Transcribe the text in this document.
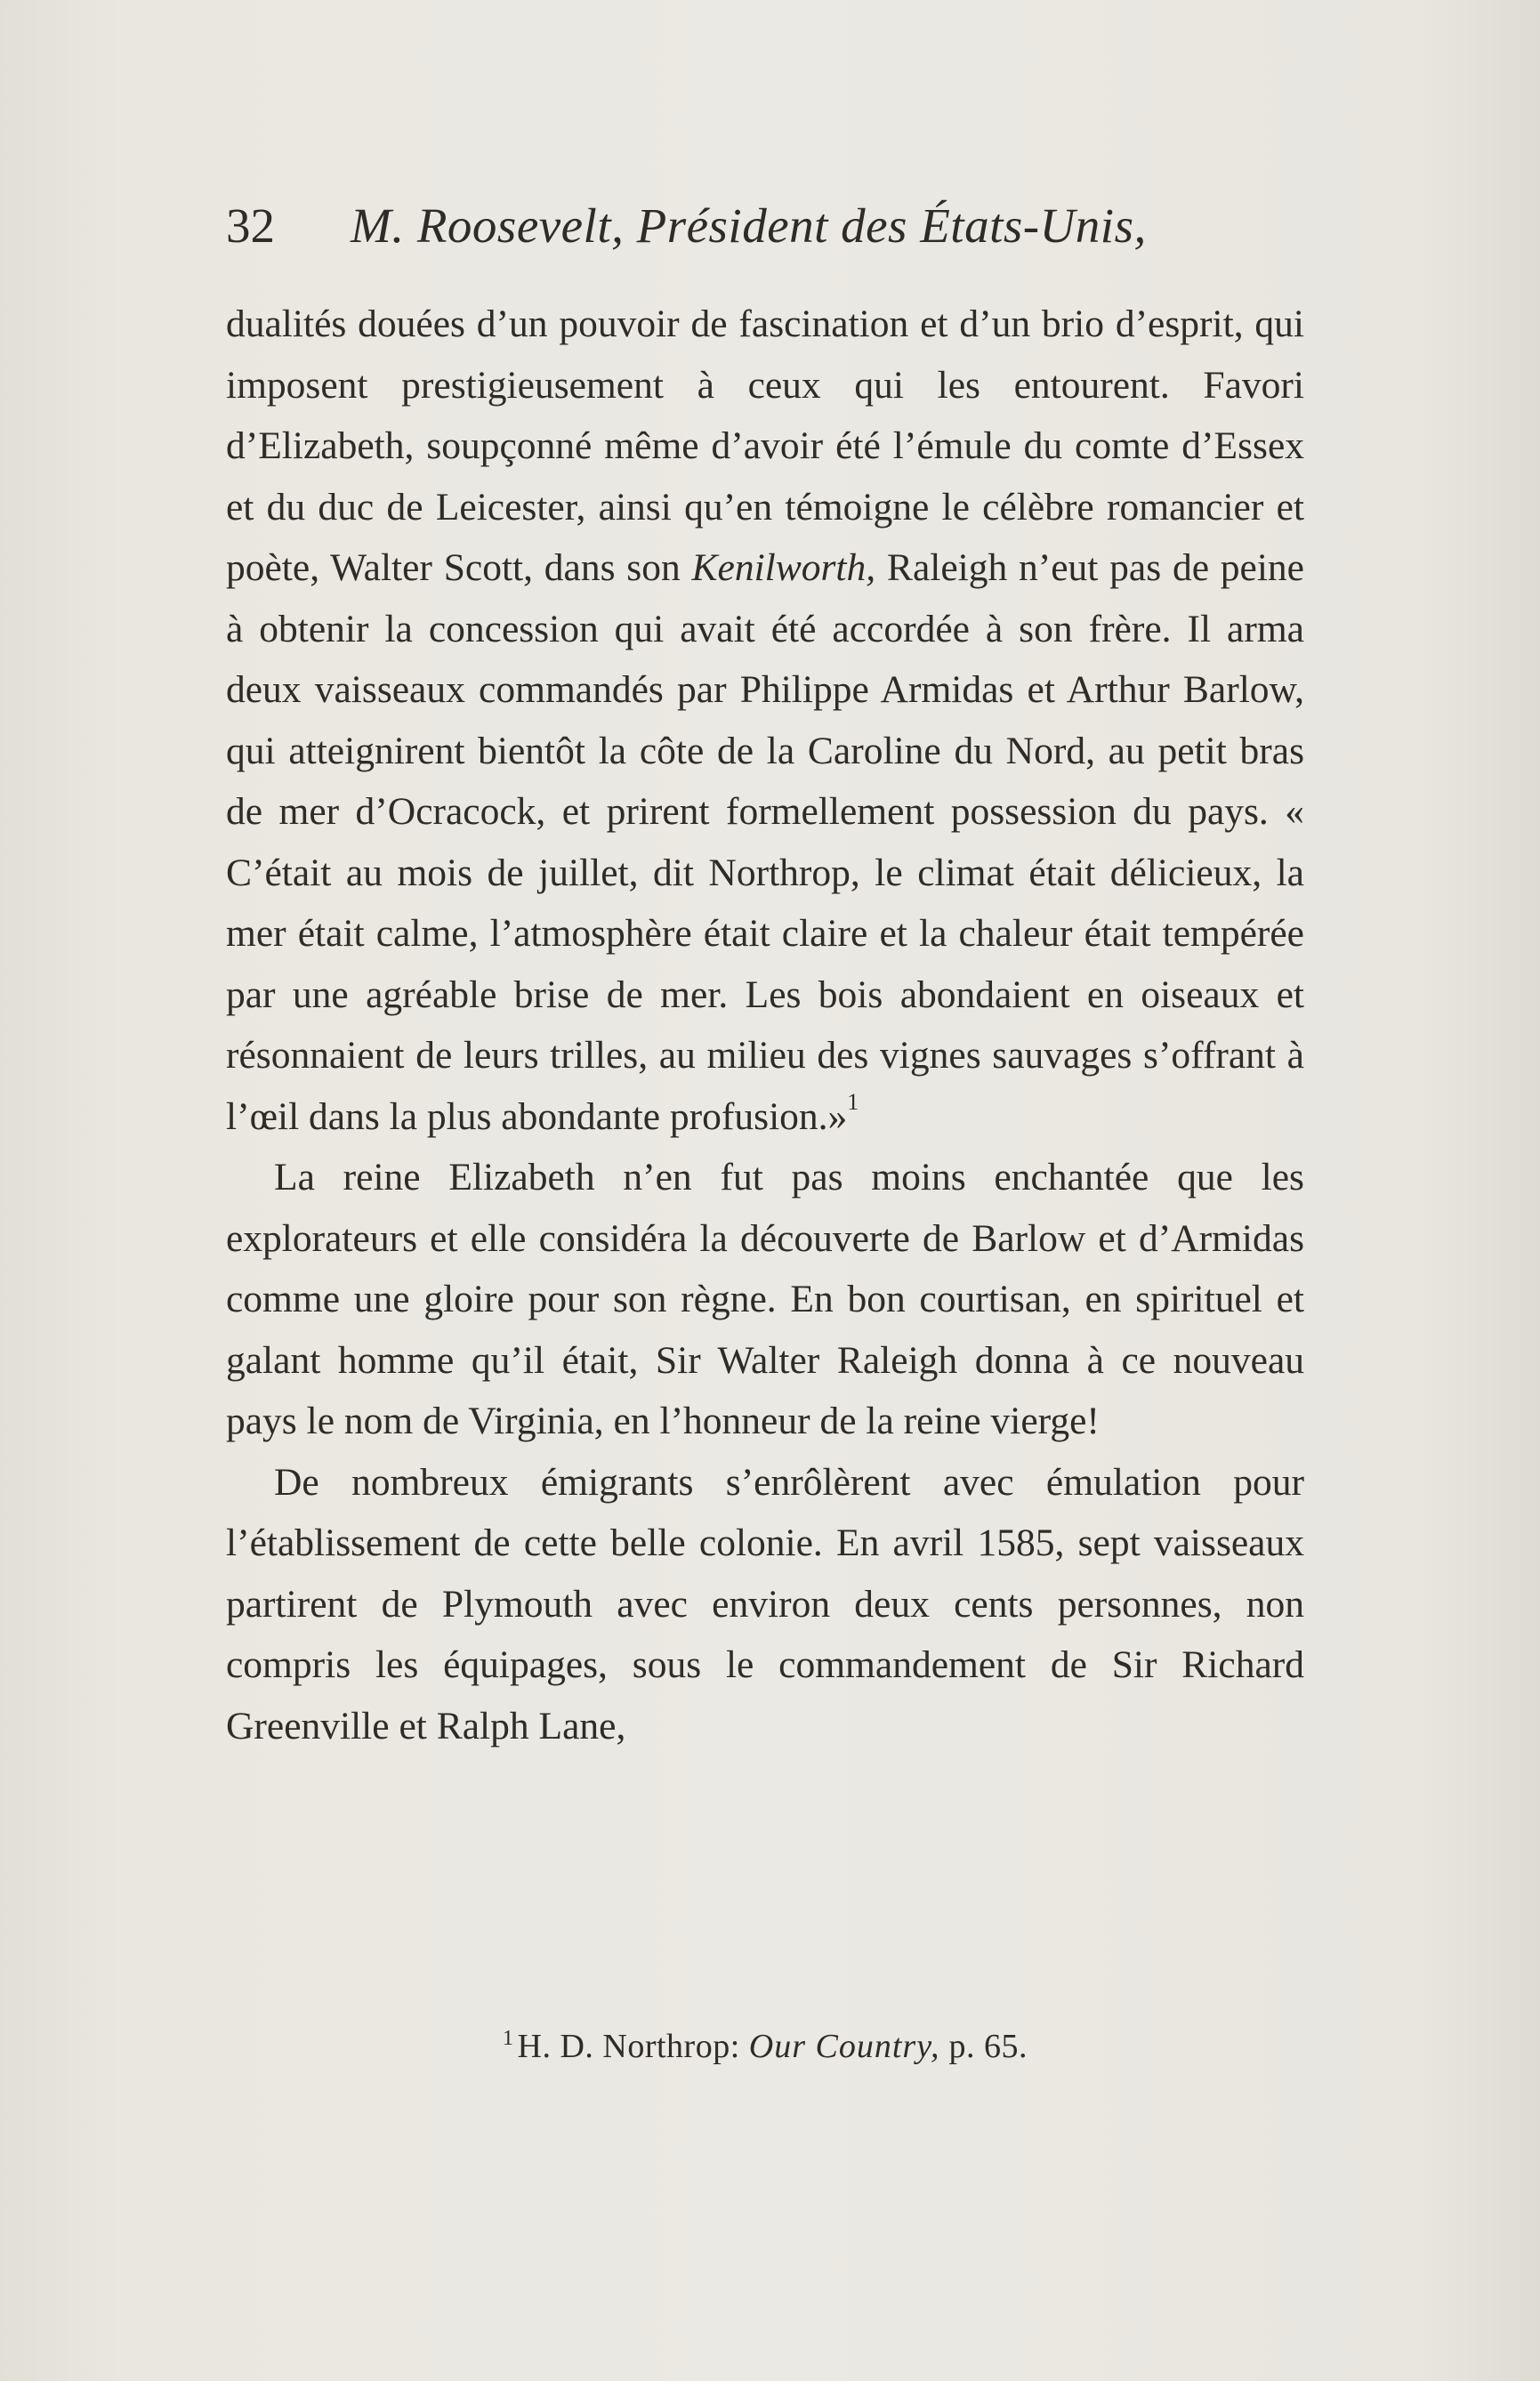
32 M. Roosevelt, Président des États-Unis,

dualités douées d’un pouvoir de fascination et d’un brio d’esprit, qui imposent prestigieusement à ceux qui les entourent. Favori d’Elizabeth, soupçonné même d’avoir été l’émule du comte d’Essex et du duc de Leicester, ainsi qu’en témoigne le célèbre romancier et poète, Walter Scott, dans son Kenilworth, Raleigh n’eut pas de peine à obtenir la concession qui avait été accordée à son frère. Il arma deux vaisseaux commandés par Philippe Armidas et Arthur Barlow, qui atteignirent bientôt la côte de la Caroline du Nord, au petit bras de mer d’Ocracock, et prirent formellement possession du pays. « C’était au mois de juillet, dit Northrop, le climat était délicieux, la mer était calme, l’atmosphère était claire et la chaleur était tempérée par une agréable brise de mer. Les bois abondaient en oiseaux et résonnaient de leurs trilles, au milieu des vignes sauvages s’offrant à l’œil dans la plus abondante profusion.»$^1$

La reine Elizabeth n’en fut pas moins enchantée que les explorateurs et elle considéra la découverte de Barlow et d’Armidas comme une gloire pour son règne. En bon courtisan, en spirituel et galant homme qu’il était, Sir Walter Raleigh donna à ce nouveau pays le nom de Virginia, en l’honneur de la reine vierge!

De nombreux émigrants s’enrôlèrent avec émulation pour l’établissement de cette belle colonie. En avril 1585, sept vaisseaux partirent de Plymouth avec environ deux cents personnes, non compris les équipages, sous le commandement de Sir Richard Greenville et Ralph Lane,

$^1$ H. D. Northrop: Our Country, p. 65.
